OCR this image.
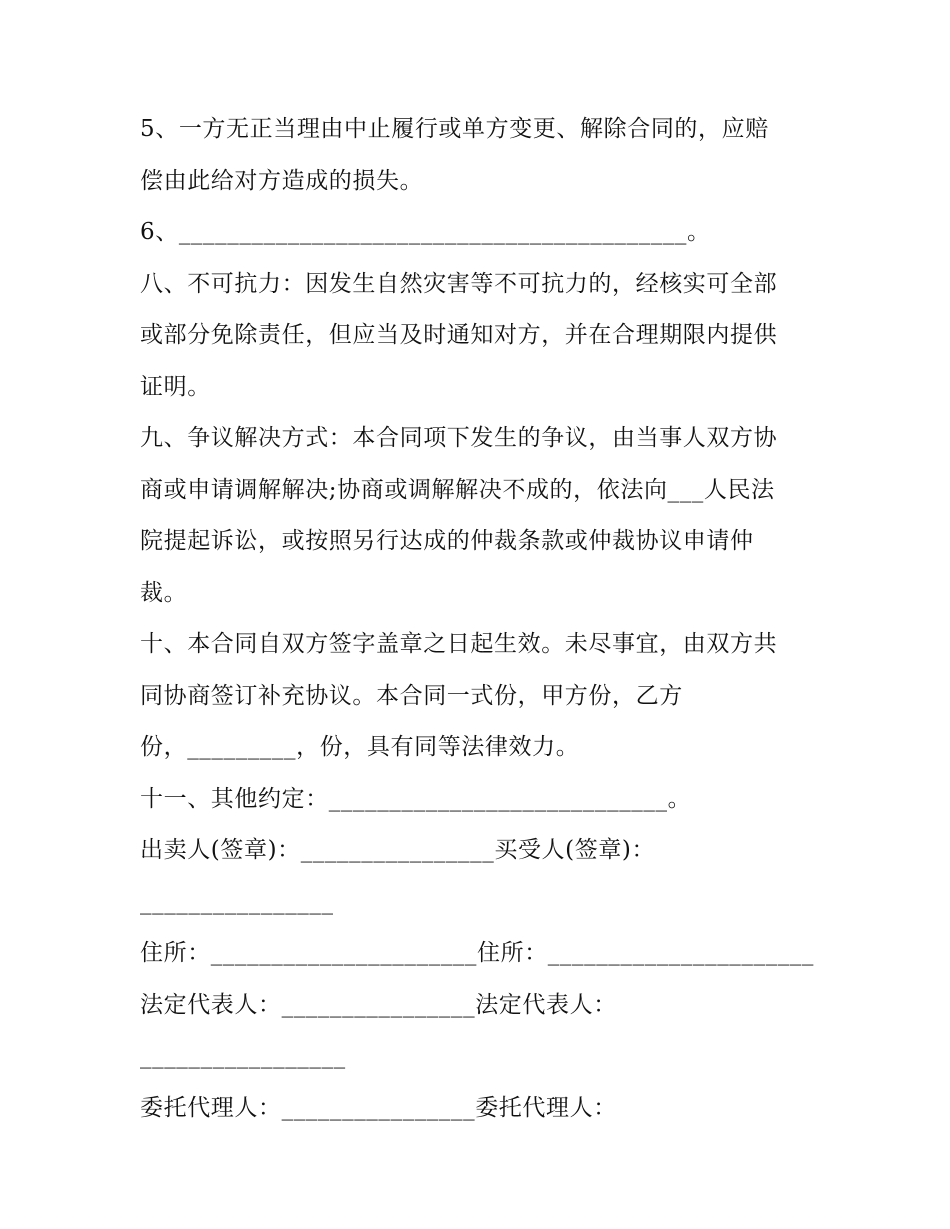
5、一方无正当理由中止履行或单方变更、解除合同的，应赔
偿由此给对方造成的损失。
6、__________________________________________。
八、不可抗力：因发生自然灾害等不可抗力的，经核实可全部
或部分免除责任，但应当及时通知对方，并在合理期限内提供
证明。
九、争议解决方式：本合同项下发生的争议，由当事人双方协
商或申请调解解决;协商或调解解决不成的，依法向___人民法
院提起诉讼，或按照另行达成的仲裁条款或仲裁协议申请仲
裁。
十、本合同自双方签字盖章之日起生效。未尽事宜，由双方共
同协商签订补充协议。本合同一式份，甲方份，乙方
份，_________，份，具有同等法律效力。
十一、其他约定：____________________________。
出卖人(签章)：________________买受人(签章)：
________________
住所：______________________住所：______________________
法定代表人：________________法定代表人：
_________________
委托代理人：________________委托代理人：
